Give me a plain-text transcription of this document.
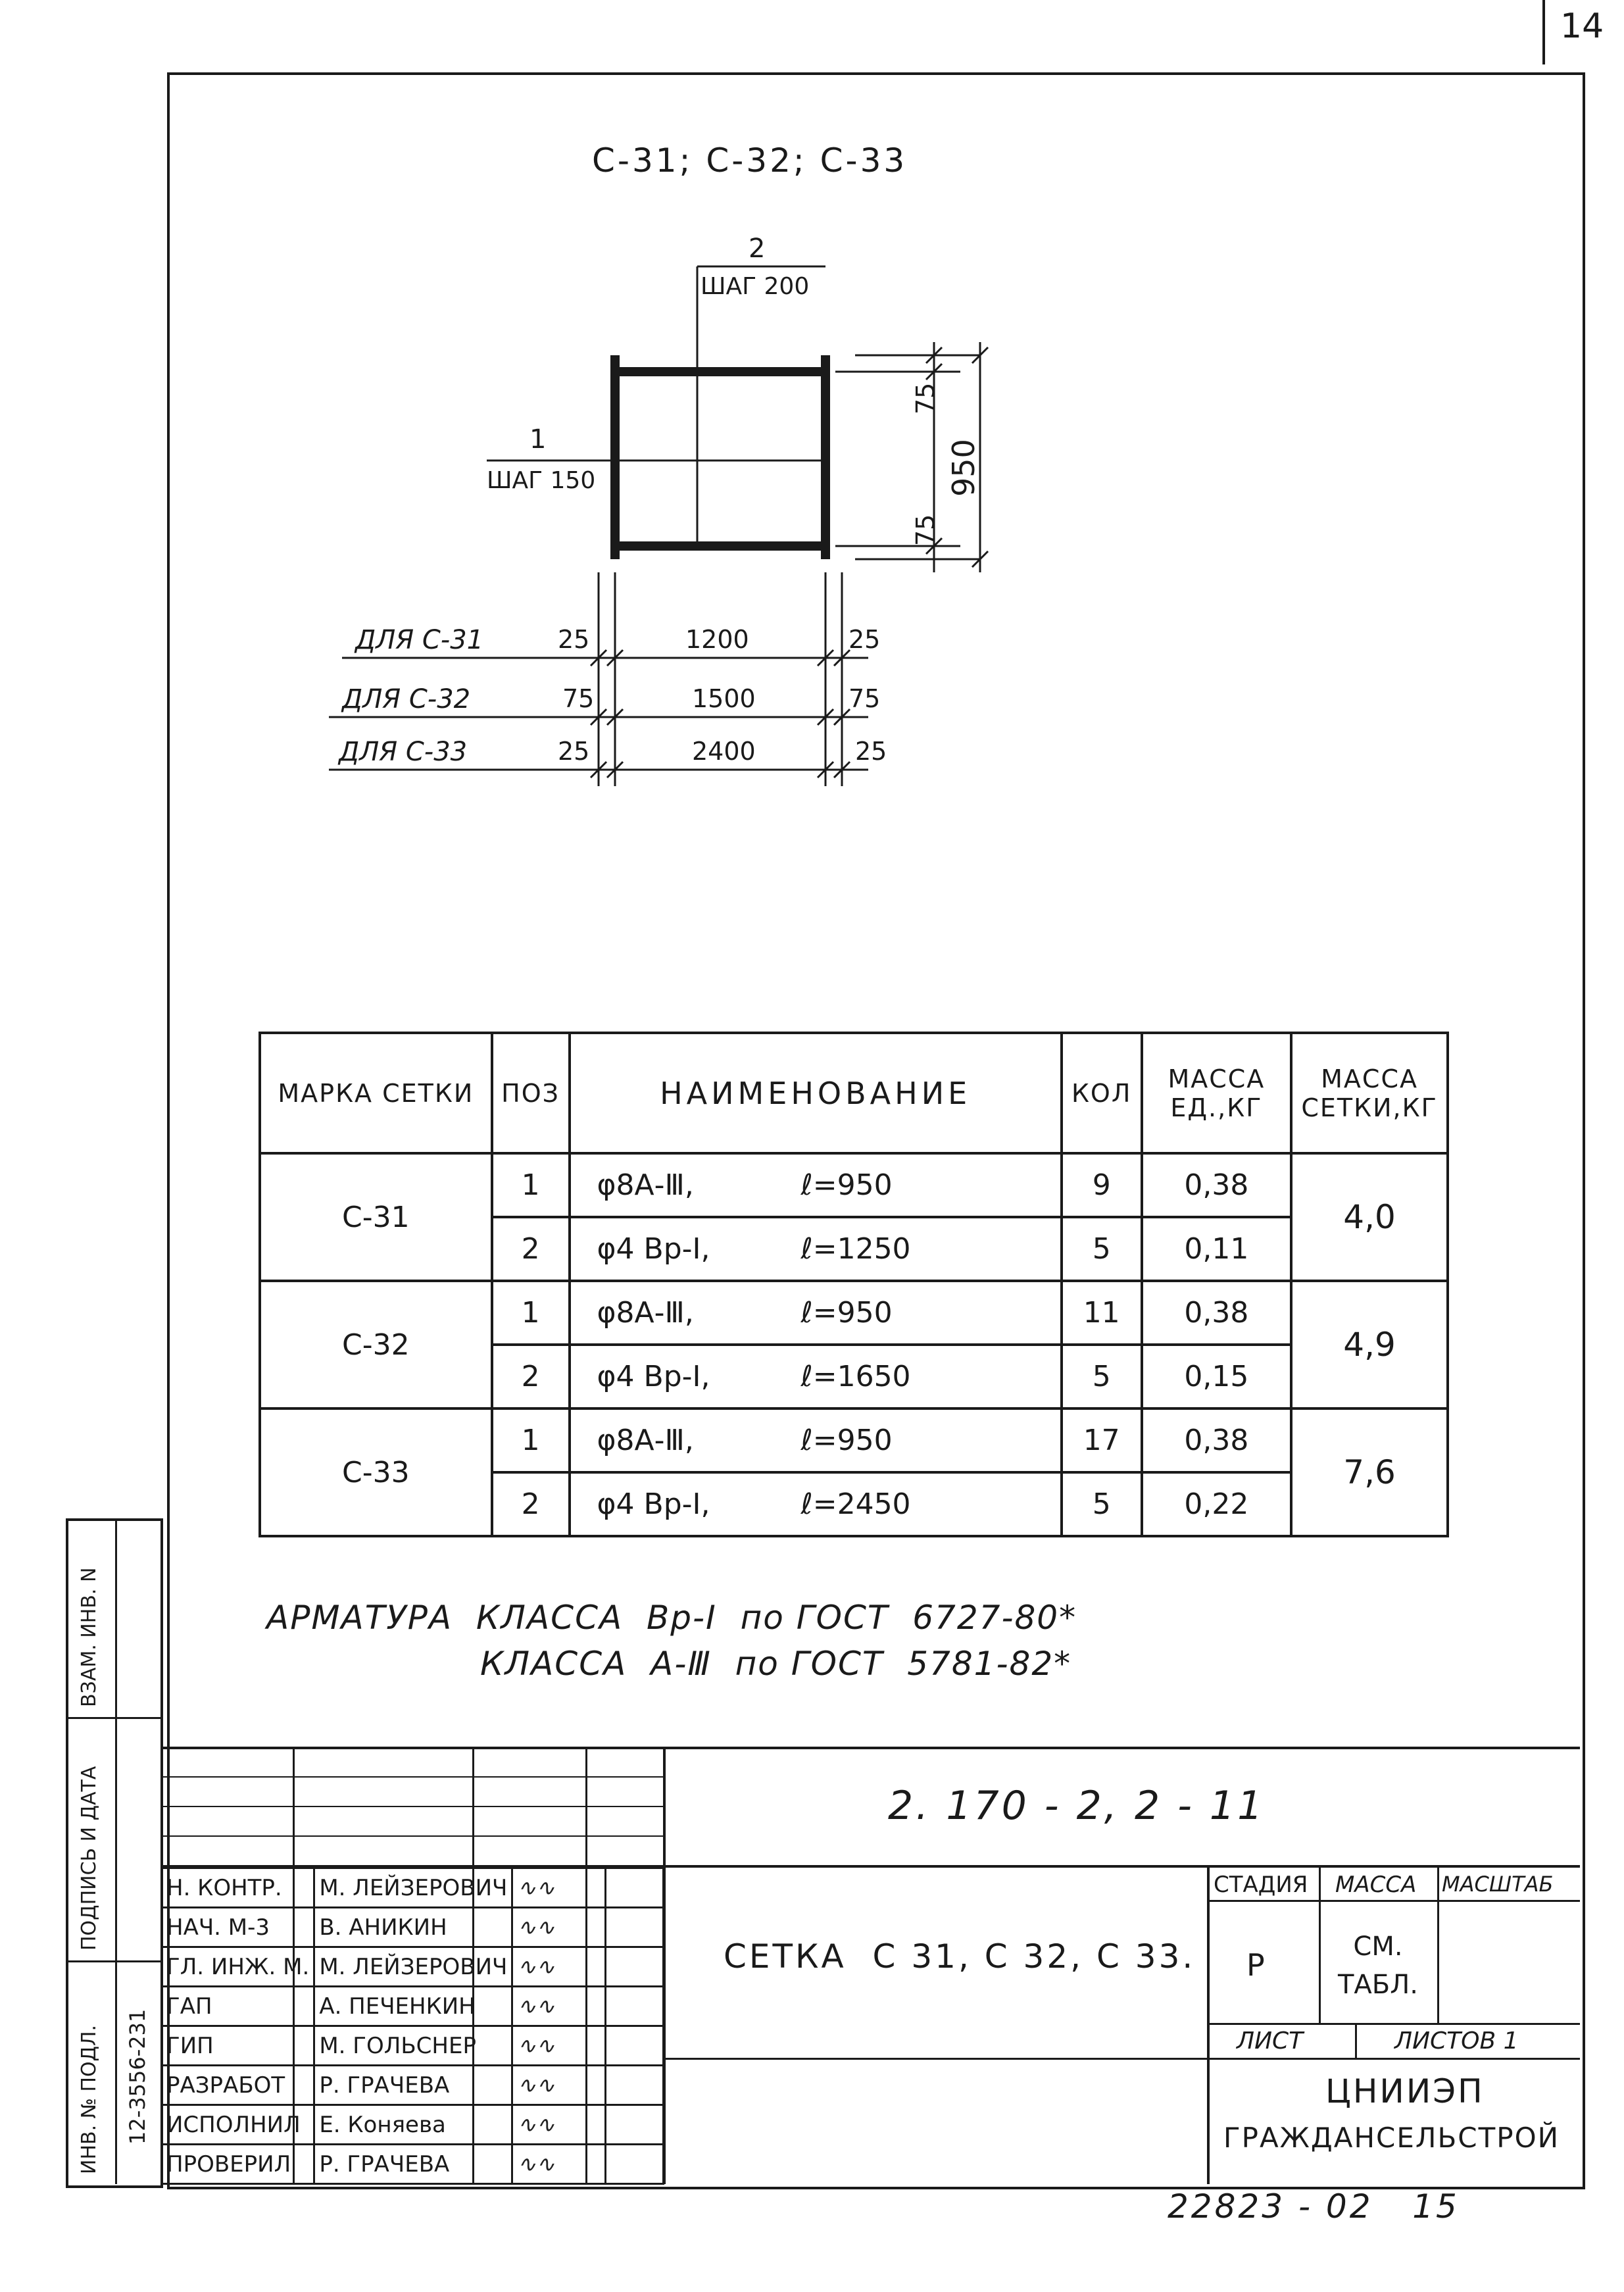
14
С-31; С-32; С-33
2
ШАГ 200
1
ШАГ 150
75
950
75
ДЛЯ С-31	25	1200	25
ДЛЯ С-32	75	1500	75
ДЛЯ С-33	25	2400	25
МАРКА СЕТКИ	ПОЗ	НАИМЕНОВАНИЕ	КОЛ	МАССА ЕД.,КГ	МАССА СЕТКИ,КГ
С-31	1	φ8А-Ⅲ, ℓ=950	9	0,38	4,0
	2	φ4 Вр-Ⅰ, ℓ=1250	5	0,11	
С-32	1	φ8А-Ⅲ, ℓ=950	11	0,38	4,9
	2	φ4 Вр-Ⅰ, ℓ=1650	5	0,15	
С-33	1	φ8А-Ⅲ, ℓ=950	17	0,38	7,6
	2	φ4 Вр-Ⅰ, ℓ=2450	5	0,22	
АРМАТУРА  КЛАССА  Вр-Ⅰ  по ГОСТ  6727-80*
КЛАССА  А-Ⅲ  по ГОСТ  5781-82*
ВЗАМ. ИНВ. N
ПОДПИСЬ И ДАТА
ИНВ. № ПОДЛ. 12-3556-231
Н. КОНТР.	М. ЛЕЙЗЕРОВИЧ	∿∿	
НАЧ. М-3	В. АНИКИН	∿∿	
ГЛ. ИНЖ. М.	М. ЛЕЙЗЕРОВИЧ	∿∿	
ГАП	А. ПЕЧЕНКИН	∿∿	
ГИП	М. ГОЛЬСНЕР	∿∿	
РАЗРАБОТ	Р. ГРАЧЕВА	∿∿	
ИСПОЛНИЛ	Е. Коняева	∿∿	
ПРОВЕРИЛ	Р. ГРАЧЕВА	∿∿	
2. 170 - 2, 2 - 11
СЕТКА  С 31, С 32, С 33.
СТАДИЯ МАССА МАСШТАБ
Р
СМ. ТАБЛ.
ЛИСТ	ЛИСТОВ 1
ЦНИИЭП
ГРАЖДАНСЕЛЬСТРОЙ
22823 - 02   15
